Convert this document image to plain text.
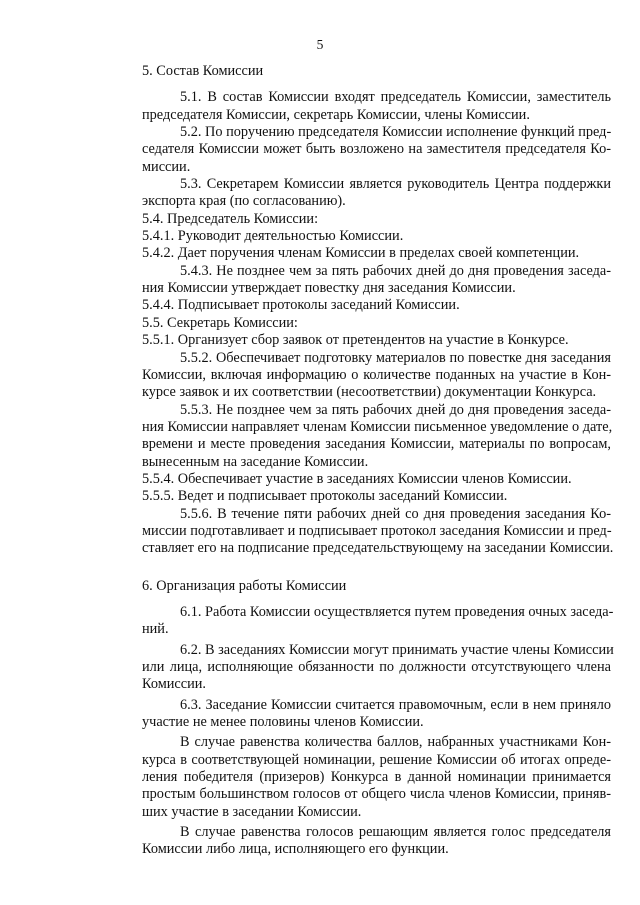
5

5. Состав Комиссии

5.1. В состав Комиссии входят председатель Комиссии, заместитель
председателя Комиссии, секретарь Комиссии, члены Комиссии.

5.2. По поручению председателя Комиссии исполнение функций пред-
седателя Комиссии может быть возложено на заместителя председателя Ко-
миссии.

5.3. Секретарем Комиссии является руководитель Центра поддержки
экспорта края (по согласованию).

5.4. Председатель Комиссии:

5.4.1. Руководит деятельностью Комиссии.

5.4.2. Дает поручения членам Комиссии в пределах своей компетенции.

5.4.3. Не позднее чем за пять рабочих дней до дня проведения заседа-
ния Комиссии утверждает повестку дня заседания Комиссии.

5.4.4. Подписывает протоколы заседаний Комиссии.

5.5. Секретарь Комиссии:

5.5.1. Организует сбор заявок от претендентов на участие в Конкурсе.

5.5.2. Обеспечивает подготовку материалов по повестке дня заседания
Комиссии, включая информацию о количестве поданных на участие в Кон-
курсе заявок и их соответствии (несоответствии) документации Конкурса.

5.5.3. Не позднее чем за пять рабочих дней до дня проведения заседа-
ния Комиссии направляет членам Комиссии письменное уведомление о дате,
времени и месте проведения заседания Комиссии, материалы по вопросам,
вынесенным на заседание Комиссии.

5.5.4. Обеспечивает участие в заседаниях Комиссии членов Комиссии.

5.5.5. Ведет и подписывает протоколы заседаний Комиссии.

5.5.6. В течение пяти рабочих дней со дня проведения заседания Ко-
миссии подготавливает и подписывает протокол заседания Комиссии и пред-
ставляет его на подписание председательствующему на заседании Комиссии.

6. Организация работы Комиссии

6.1. Работа Комиссии осуществляется путем проведения очных заседа-
ний.

6.2. В заседаниях Комиссии могут принимать участие члены Комиссии
или лица, исполняющие обязанности по должности отсутствующего члена
Комиссии.

6.3. Заседание Комиссии считается правомочным, если в нем приняло
участие не менее половины членов Комиссии.

В случае равенства количества баллов, набранных участниками Кон-
курса в соответствующей номинации, решение Комиссии об итогах опреде-
ления победителя (призеров) Конкурса в данной номинации принимается
простым большинством голосов от общего числа членов Комиссии, приняв-
ших участие в заседании Комиссии.

В случае равенства голосов решающим является голос председателя
Комиссии либо лица, исполняющего его функции.
